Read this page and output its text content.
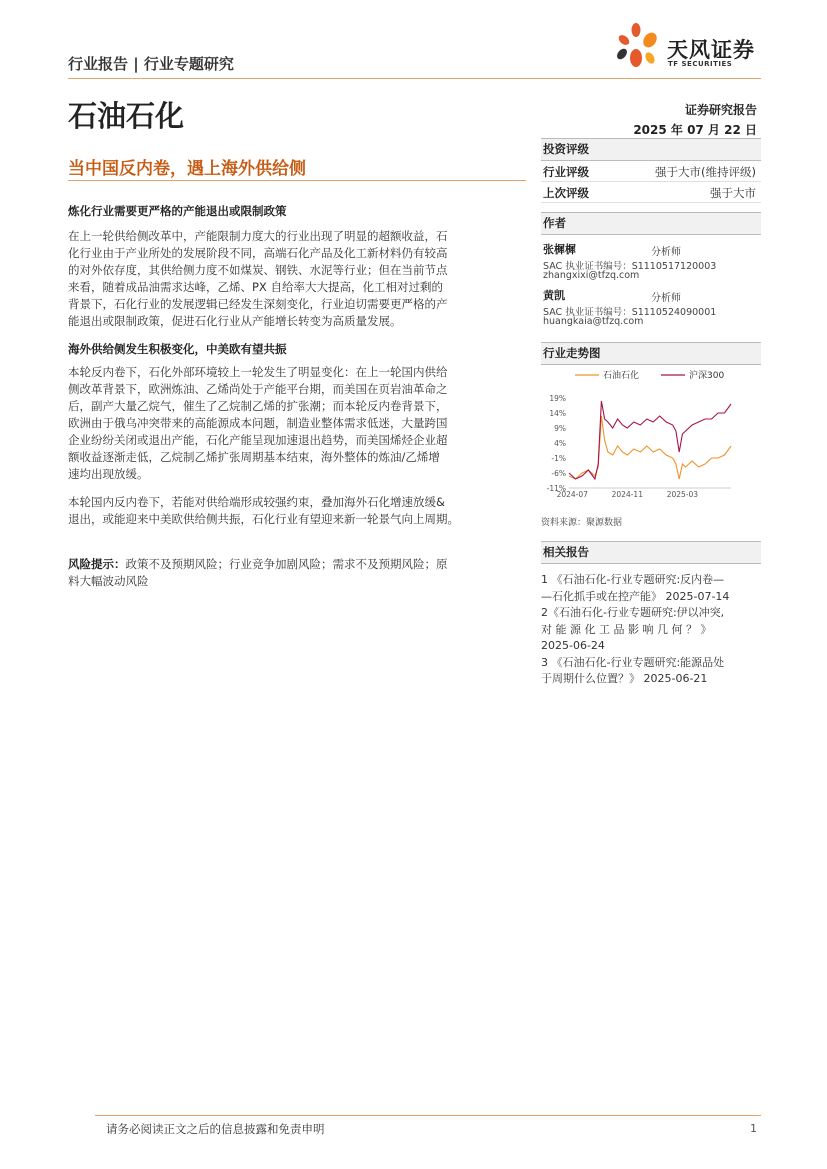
行业报告 | 行业专题研究
天风证券
TF SECURITIES
石油石化	证券研究报告
2025 年 07 月 22 日
当中国反内卷，遇上海外供给侧
炼化行业需要更严格的产能退出或限制政策
在上一轮供给侧改革中，产能限制力度大的行业出现了明显的超额收益，石
化行业由于产业所处的发展阶段不同，高端石化产品及化工新材料仍有较高
的对外依存度，其供给侧力度不如煤炭、钢铁、水泥等行业；但在当前节点
来看，随着成品油需求达峰，乙烯、PX 自给率大大提高，化工相对过剩的
背景下，石化行业的发展逻辑已经发生深刻变化，行业迫切需要更严格的产
能退出或限制政策，促进石化行业从产能增长转变为高质量发展。
海外供给侧发生积极变化，中美欧有望共振
本轮反内卷下，石化外部环境较上一轮发生了明显变化：在上一轮国内供给
侧改革背景下，欧洲炼油、乙烯尚处于产能平台期，而美国在页岩油革命之
后，副产大量乙烷气，催生了乙烷制乙烯的扩张潮；而本轮反内卷背景下，
欧洲由于俄乌冲突带来的高能源成本问题，制造业整体需求低迷，大量跨国
企业纷纷关闭或退出产能，石化产能呈现加速退出趋势，而美国烯烃企业超
额收益逐渐走低，乙烷制乙烯扩张周期基本结束，海外整体的炼油/乙烯增
速均出现放缓。
本轮国内反内卷下，若能对供给端形成较强约束，叠加海外石化增速放缓&
退出，或能迎来中美欧供给侧共振，石化行业有望迎来新一轮景气向上周期。
风险提示：政策不及预期风险；行业竞争加剧风险；需求不及预期风险；原
料大幅波动风险
投资评级
行业评级	强于大市(维持评级)
上次评级	强于大市
作者
张樨樨	分析师
SAC 执业证书编号：S1110517120003
zhangxixi@tfzq.com
黄凯	分析师
SAC 执业证书编号：S1110524090001
huangkaia@tfzq.com
行业走势图
石油石化	沪深300
19%
14%
9%
4%
-1%
-6%
-11%
2024-07	2024-11	2025-03
资料来源：聚源数据
相关报告
1 《石油石化-行业专题研究:反内卷—
—石化抓手或在控产能》 2025-07-14
2《石油石化-行业专题研究:伊以冲突,
对 能 源 化 工 品 影 响 几 何 ？ 》
2025-06-24
3 《石油石化-行业专题研究:能源品处
于周期什么位置？》 2025-06-21
请务必阅读正文之后的信息披露和免责申明	1
